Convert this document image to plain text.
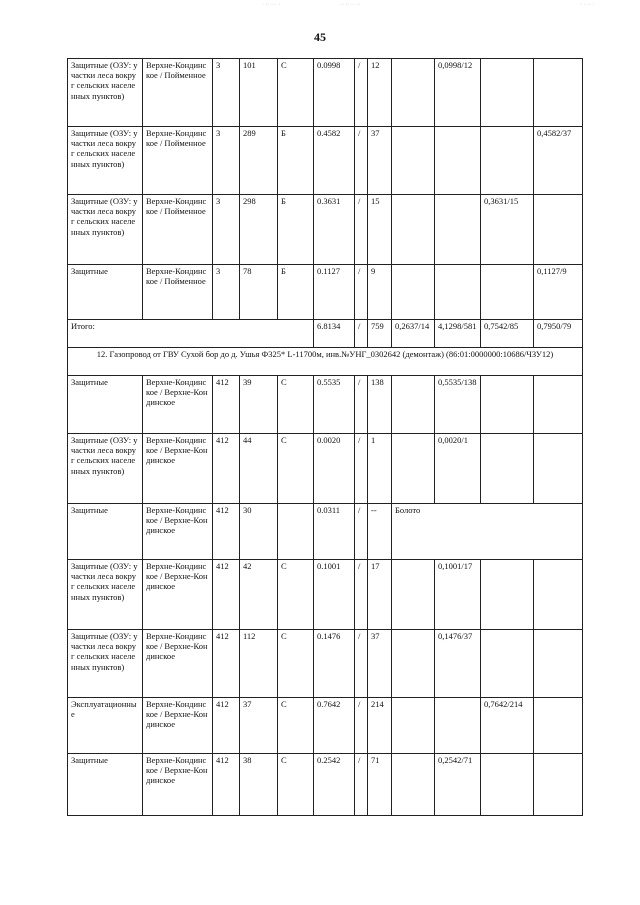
· ·· ··· ·	·· ·· ·· ··	· · ·· ·
45
Защитные (ОЗУ: участки леса вокруг сельских населенных пунктов)	Верхне-Кондинское / Пойменное	3	101	С	0.0998	/	12		0,0998/12		
Защитные (ОЗУ: участки леса вокруг сельских населенных пунктов)	Верхне-Кондинское / Пойменное	3	289	Б	0.4582	/	37				0,4582/37
Защитные (ОЗУ: участки леса вокруг сельских населенных пунктов)	Верхне-Кондинское / Пойменное	3	298	Б	0.3631	/	15			0,3631/15	
Защитные	Верхне-Кондинское / Пойменное	3	78	Б	0.1127	/	9				0,1127/9
Итого:					6.8134	/	759	0,2637/14	4,1298/581	0,7542/85	0,7950/79
12. Газопровод от ГВУ Сухой бор до д. Ушья Ф325* L-11700м, инв.№УНГ_0302642 (демонтаж) (86:01:0000000:10686/ЧЗУ12)											
Защитные	Верхне-Кондинское / Верхне-Кондинское	412	39	С	0.5535	/	138		0,5535/138		
Защитные (ОЗУ: участки леса вокруг сельских населенных пунктов)	Верхне-Кондинское / Верхне-Кондинское	412	44	С	0.0020	/	1		0,0020/1		
Защитные	Верхне-Кондинское / Верхне-Кондинское	412	30		0.0311	/	--	Болото			
Защитные (ОЗУ: участки леса вокруг сельских населенных пунктов)	Верхне-Кондинское / Верхне-Кондинское	412	42	С	0.1001	/	17		0,1001/17		
Защитные (ОЗУ: участки леса вокруг сельских населенных пунктов)	Верхне-Кондинское / Верхне-Кондинское	412	112	С	0.1476	/	37		0,1476/37		
Эксплуатационные	Верхне-Кондинское / Верхне-Кондинское	412	37	С	0.7642	/	214			0,7642/214	
Защитные	Верхне-Кондинское / Верхне-Кондинское	412	38	С	0.2542	/	71		0,2542/71		
